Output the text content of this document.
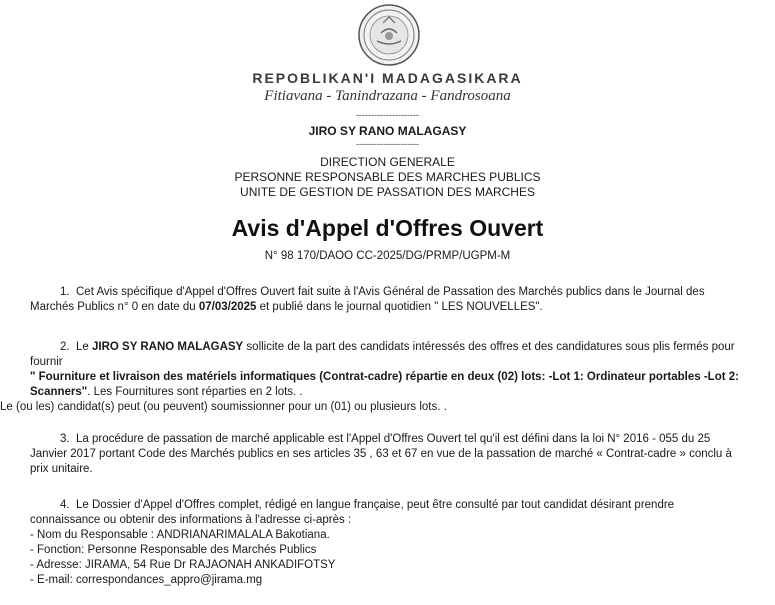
REPOBLIKAN'I MADAGASIKARA
Fitiavana - Tanindrazana - Fandrosoana
---------------------
JIRO SY RANO MALAGASY
---------------------
DIRECTION GENERALE
PERSONNE RESPONSABLE DES MARCHES PUBLICS
UNITE DE GESTION DE PASSATION DES MARCHES
Avis d'Appel d'Offres Ouvert
N° 98 170/DAOO CC-2025/DG/PRMP/UGPM-M
1. Cet Avis spécifique d'Appel d'Offres Ouvert fait suite à l'Avis Général de Passation des Marchés publics dans le Journal des Marchés Publics n° 0 en date du 07/03/2025 et publié dans le journal quotidien " LES NOUVELLES".
2. Le JIRO SY RANO MALAGASY sollicite de la part des candidats intéressés des offres et des candidatures sous plis fermés pour fournir
" Fourniture et livraison des matériels informatiques (Contrat-cadre) répartie en deux (02) lots: -Lot 1: Ordinateur portables -Lot 2: Scanners". Les Fournitures sont réparties en 2 lots. .
Le (ou les) candidat(s) peut (ou peuvent) soumissionner pour un (01) ou plusieurs lots. .
3. La procédure de passation de marché applicable est l'Appel d'Offres Ouvert tel qu'il est défini dans la loi N° 2016 - 055 du 25 Janvier 2017 portant Code des Marchés publics en ses articles 35 , 63 et 67 en vue de la passation de marché « Contrat-cadre » conclu à prix unitaire.
4. Le Dossier d'Appel d'Offres complet, rédigé en langue française, peut être consulté par tout candidat désirant prendre connaissance ou obtenir des informations à l'adresse ci-après :
- Nom du Responsable : ANDRIANARIMALALA Bakotiana.
- Fonction: Personne Responsable des Marchés Publics
- Adresse: JIRAMA, 54 Rue Dr RAJAONAH ANKADIFOTSY
- E-mail: correspondances_appro@jirama.mg
